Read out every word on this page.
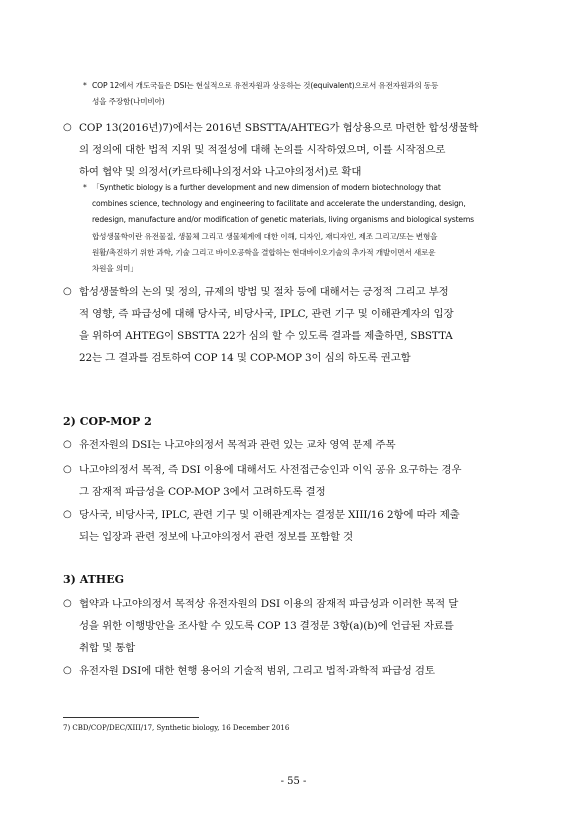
* COP 12에서 개도국들은 DSI는 현실적으로 유전자원과 상응하는 것(equivalent)으로서 유전자원과의 동등

성을 주장함(나미비아)

○ COP 13(2016년)7)에서는 2016년 SBSTTA/AHTEG가 협상용으로 마련한 합성생물학

의 정의에 대한 법적 지위 및 적절성에 대해 논의를 시작하였으며, 이를 시작점으로

하여 협약 및 의정서(카르타헤나의정서와 나고야의정서)로 확대

* 「Synthetic biology is a further development and new dimension of modern biotechnology that

combines science, technology and engineering to facilitate and accelerate the understanding, design,

redesign, manufacture and/or modification of genetic materials, living organisms and biological systems

합성생물학이란 유전물질, 생물체 그리고 생물체계에 대한 이해, 디자인, 재디자인, 제조 그리고/또는 변형을

원활/촉진하기 위한 과학, 기술 그리고 바이오공학을 결합하는 현대바이오기술의 추가적 개발이면서 새로운

차원을 의미」

○ 합성생물학의 논의 및 정의, 규제의 방법 및 절차 등에 대해서는 긍정적 그리고 부정

적 영향, 즉 파급성에 대해 당사국, 비당사국, IPLC, 관련 기구 및 이해관계자의 입장

을 위하여 AHTEG이 SBSTTA 22가 심의 할 수 있도록 결과를 제출하면, SBSTTA

22는 그 결과를 검토하여 COP 14 및 COP-MOP 3이 심의 하도록 권고함

2) COP-MOP 2
○ 유전자원의 DSI는 나고야의정서 목적과 관련 있는 교차 영역 문제 주목

○ 나고야의정서 목적, 즉 DSI 이용에 대해서도 사전접근승인과 이익 공유 요구하는 경우

그 잠재적 파급성을 COP-MOP 3에서 고려하도록 결정

○ 당사국, 비당사국, IPLC, 관련 기구 및 이해관계자는 결정문 XIII/16 2항에 따라 제출

되는 입장과 관련 정보에 나고야의정서 관련 정보를 포함할 것

3) ATHEG
○ 협약과 나고야의정서 목적상 유전자원의 DSI 이용의 잠재적 파급성과 이러한 목적 달

성을 위한 이행방안을 조사할 수 있도록 COP 13 결정문 3항(a)(b)에 언급된 자료를

취합 및 통합

○ 유전자원 DSI에 대한 현행 용어의 기술적 범위, 그리고 법적·과학적 파급성 검토

7) CBD/COP/DEC/XIII/17, Synthetic biology, 16 December 2016
- 55 -
